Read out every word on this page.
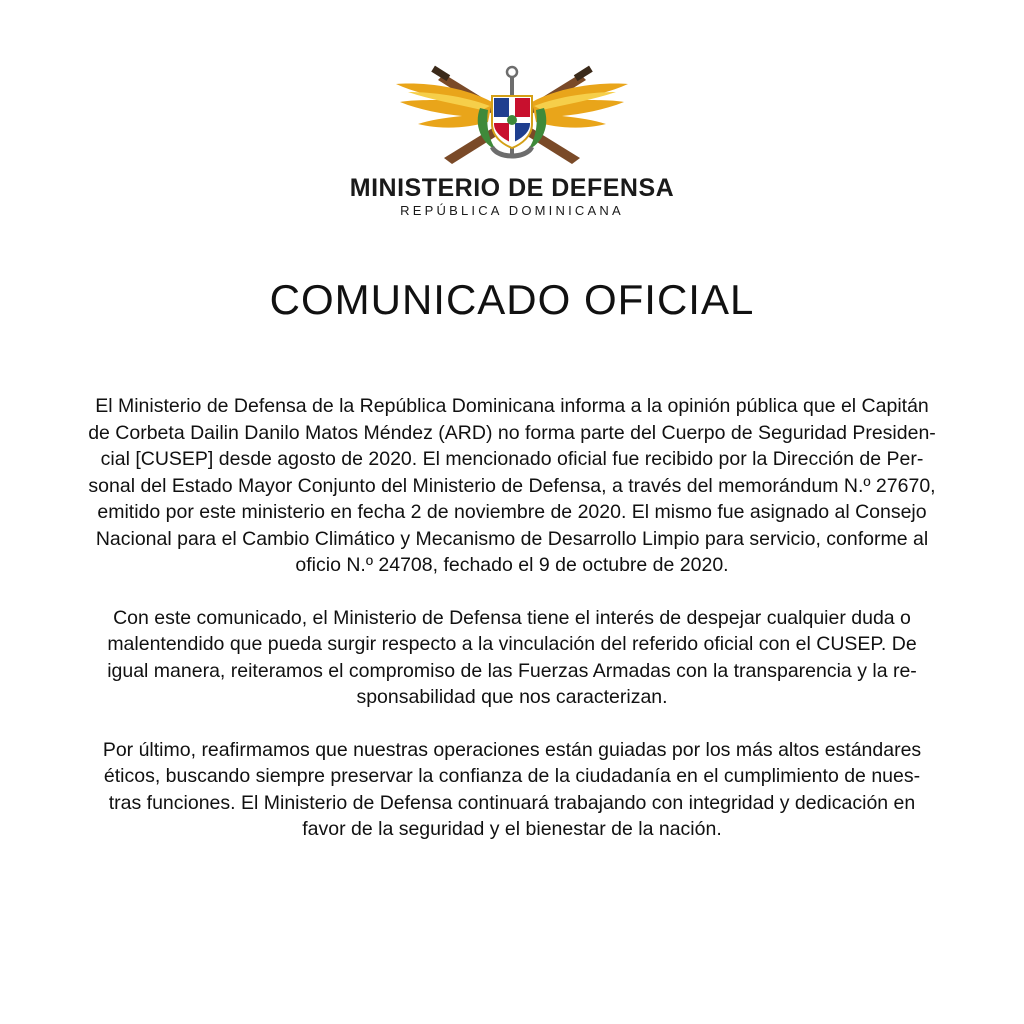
MINISTERIO DE DEFENSA
REPÚBLICA DOMINICANA
COMUNICADO OFICIAL

El Ministerio de Defensa de la República Dominicana informa a la opinión pública que el Capitán
de Corbeta Dailin Danilo Matos Méndez (ARD) no forma parte del Cuerpo de Seguridad Presiden-
cial [CUSEP] desde agosto de 2020. El mencionado oficial fue recibido por la Dirección de Per-
sonal del Estado Mayor Conjunto del Ministerio de Defensa, a través del memorándum N.º 27670,
emitido por este ministerio en fecha 2 de noviembre de 2020. El mismo fue asignado al Consejo
Nacional para el Cambio Climático y Mecanismo de Desarrollo Limpio para servicio, conforme al
oficio N.º 24708, fechado el 9 de octubre de 2020.

Con este comunicado, el Ministerio de Defensa tiene el interés de despejar cualquier duda o
malentendido que pueda surgir respecto a la vinculación del referido oficial con el CUSEP. De
igual manera, reiteramos el compromiso de las Fuerzas Armadas con la transparencia y la re-
sponsabilidad que nos caracterizan.

Por último, reafirmamos que nuestras operaciones están guiadas por los más altos estándares
éticos, buscando siempre preservar la confianza de la ciudadanía en el cumplimiento de nues-
tras funciones. El Ministerio de Defensa continuará trabajando con integridad y dedicación en
favor de la seguridad y el bienestar de la nación.
